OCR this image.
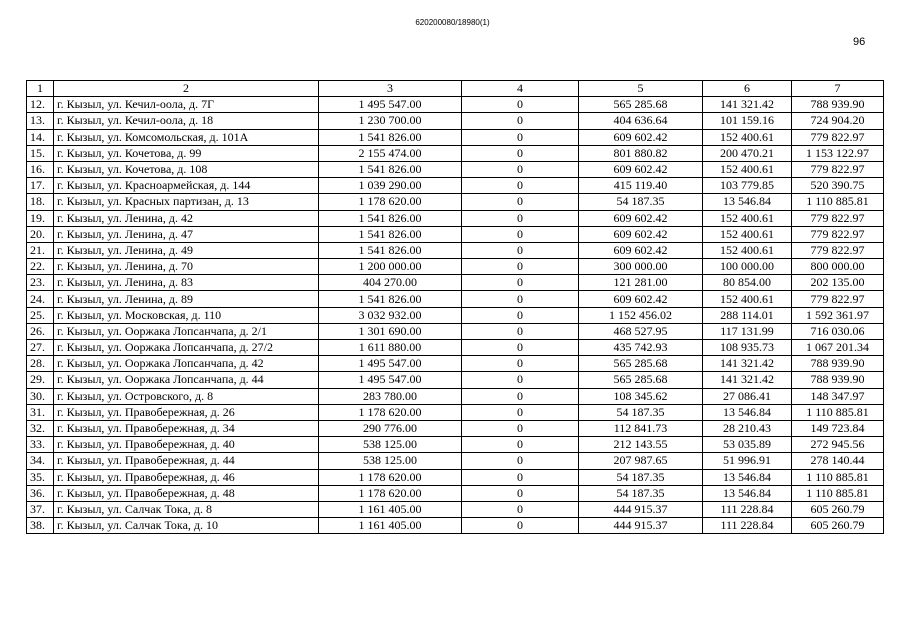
620200080/18980(1)
96
1	2	3	4	5	6	7
12.	г. Кызыл, ул. Кечил-оола, д. 7Г	1 495 547.00	0	565 285.68	141 321.42	788 939.90
13.	г. Кызыл, ул. Кечил-оола, д. 18	1 230 700.00	0	404 636.64	101 159.16	724 904.20
14.	г. Кызыл, ул. Комсомольская, д. 101А	1 541 826.00	0	609 602.42	152 400.61	779 822.97
15.	г. Кызыл, ул. Кочетова, д. 99	2 155 474.00	0	801 880.82	200 470.21	1 153 122.97
16.	г. Кызыл, ул. Кочетова, д. 108	1 541 826.00	0	609 602.42	152 400.61	779 822.97
17.	г. Кызыл, ул. Красноармейская, д. 144	1 039 290.00	0	415 119.40	103 779.85	520 390.75
18.	г. Кызыл, ул. Красных партизан, д. 13	1 178 620.00	0	54 187.35	13 546.84	1 110 885.81
19.	г. Кызыл, ул. Ленина, д. 42	1 541 826.00	0	609 602.42	152 400.61	779 822.97
20.	г. Кызыл, ул. Ленина, д. 47	1 541 826.00	0	609 602.42	152 400.61	779 822.97
21.	г. Кызыл, ул. Ленина, д. 49	1 541 826.00	0	609 602.42	152 400.61	779 822.97
22.	г. Кызыл, ул. Ленина, д. 70	1 200 000.00	0	300 000.00	100 000.00	800 000.00
23.	г. Кызыл, ул. Ленина, д. 83	404 270.00	0	121 281.00	80 854.00	202 135.00
24.	г. Кызыл, ул. Ленина, д. 89	1 541 826.00	0	609 602.42	152 400.61	779 822.97
25.	г. Кызыл, ул. Московская, д. 110	3 032 932.00	0	1 152 456.02	288 114.01	1 592 361.97
26.	г. Кызыл, ул. Ооржака Лопсанчапа, д. 2/1	1 301 690.00	0	468 527.95	117 131.99	716 030.06
27.	г. Кызыл, ул. Ооржака Лопсанчапа, д. 27/2	1 611 880.00	0	435 742.93	108 935.73	1 067 201.34
28.	г. Кызыл, ул. Ооржака Лопсанчапа, д. 42	1 495 547.00	0	565 285.68	141 321.42	788 939.90
29.	г. Кызыл, ул. Ооржака Лопсанчапа, д. 44	1 495 547.00	0	565 285.68	141 321.42	788 939.90
30.	г. Кызыл, ул. Островского, д. 8	283 780.00	0	108 345.62	27 086.41	148 347.97
31.	г. Кызыл, ул. Правобережная, д. 26	1 178 620.00	0	54 187.35	13 546.84	1 110 885.81
32.	г. Кызыл, ул. Правобережная, д. 34	290 776.00	0	112 841.73	28 210.43	149 723.84
33.	г. Кызыл, ул. Правобережная, д. 40	538 125.00	0	212 143.55	53 035.89	272 945.56
34.	г. Кызыл, ул. Правобережная, д. 44	538 125.00	0	207 987.65	51 996.91	278 140.44
35.	г. Кызыл, ул. Правобережная, д. 46	1 178 620.00	0	54 187.35	13 546.84	1 110 885.81
36.	г. Кызыл, ул. Правобережная, д. 48	1 178 620.00	0	54 187.35	13 546.84	1 110 885.81
37.	г. Кызыл, ул. Салчак Тока, д. 8	1 161 405.00	0	444 915.37	111 228.84	605 260.79
38.	г. Кызыл, ул. Салчак Тока, д. 10	1 161 405.00	0	444 915.37	111 228.84	605 260.79
